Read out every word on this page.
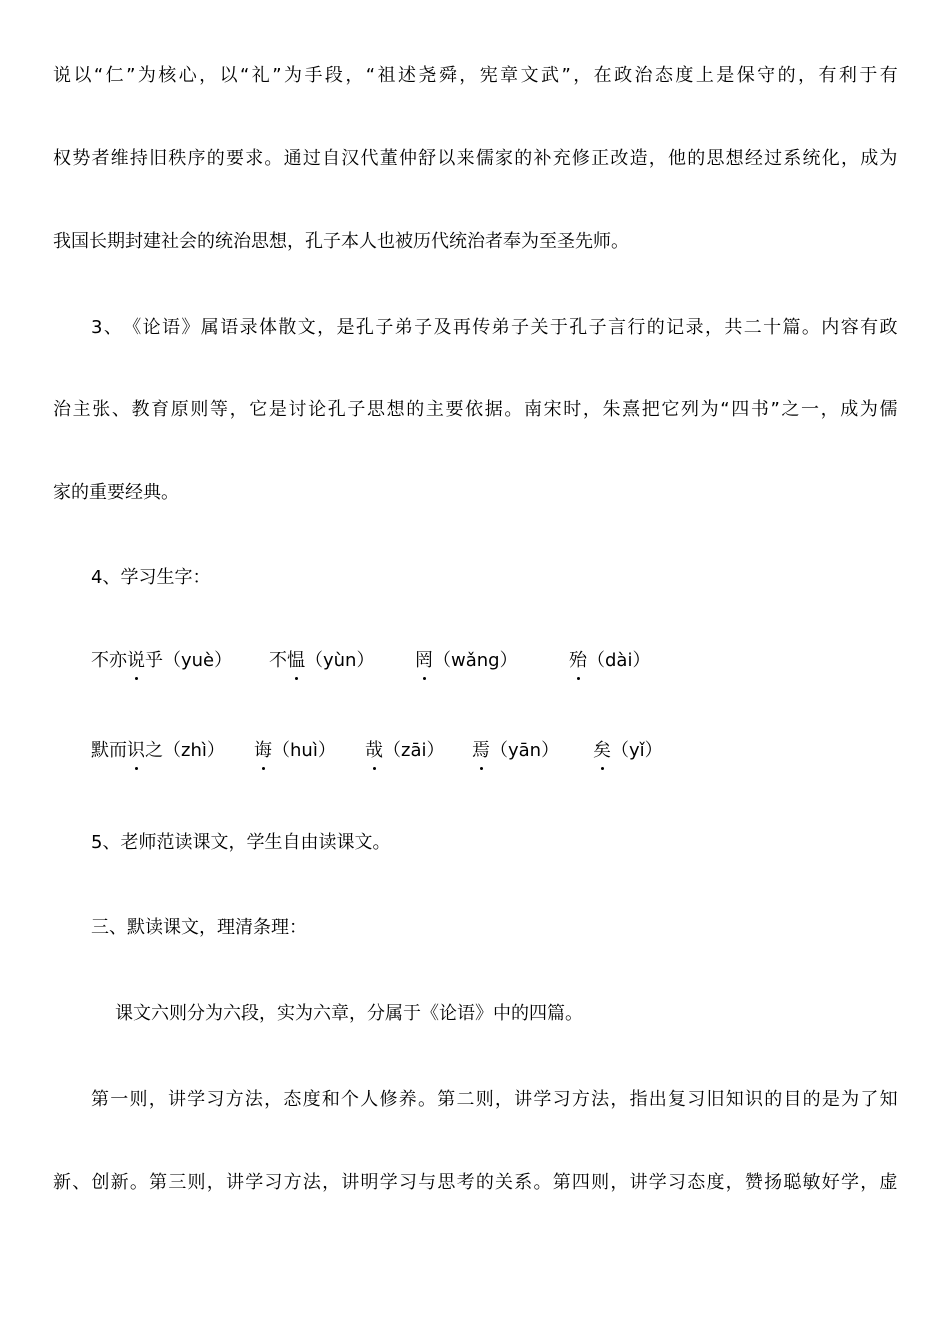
说 以 “ 仁 ” 为 核 心 ， 以 “ 礼 ” 为 手 段 ， “ 祖 述 尧 舜 ， 宪 章 文 武 ” ， 在 政 治 态 度 上 是 保 守 的 ， 有 利 于 有
权 势 者 维 持 旧 秩 序 的 要 求 。 通 过 自 汉 代 董 仲 舒 以 来 儒 家 的 补 充 修 正 改 造 ， 他 的 思 想 经 过 系 统 化 ， 成 为
我国长期封建社会的统治思想，孔子本人也被历代统治者奉为至圣先师。
3 、 《 论 语 》 属 语 录 体 散 文 ， 是 孔 子 弟 子 及 再 传 弟 子 关 于 孔 子 言 行 的 记 录 ， 共 二 十 篇 。 内 容 有 政
治 主 张 、 教 育 原 则 等 ， 它 是 讨 论 孔 子 思 想 的 主 要 依 据 。 南 宋 时 ， 朱 熹 把 它 列 为 “ 四 书 ” 之 一 ， 成 为 儒
家的重要经典。
4、学习生字：
不亦说乎（yuè） 不愠（yùn） 罔（wǎng）	殆（dài）
默而识之（zhì） 诲（huì） 哉（zāi） 焉（yān） 矣（yǐ）
5、老师范读课文，学生自由读课文。
三、默读课文，理清条理：
课文六则分为六段，实为六章，分属于《论语》中的四篇。
第 一 则 ， 讲 学 习 方 法 ， 态 度 和 个 人 修 养 。 第 二 则 ， 讲 学 习 方 法 ， 指 出 复 习 旧 知 识 的 目 的 是 为 了 知
新 、 创 新 。 第 三 则 ， 讲 学 习 方 法 ， 讲 明 学 习 与 思 考 的 关 系 。 第 四 则 ， 讲 学 习 态 度 ， 赞 扬 聪 敏 好 学 ， 虚
